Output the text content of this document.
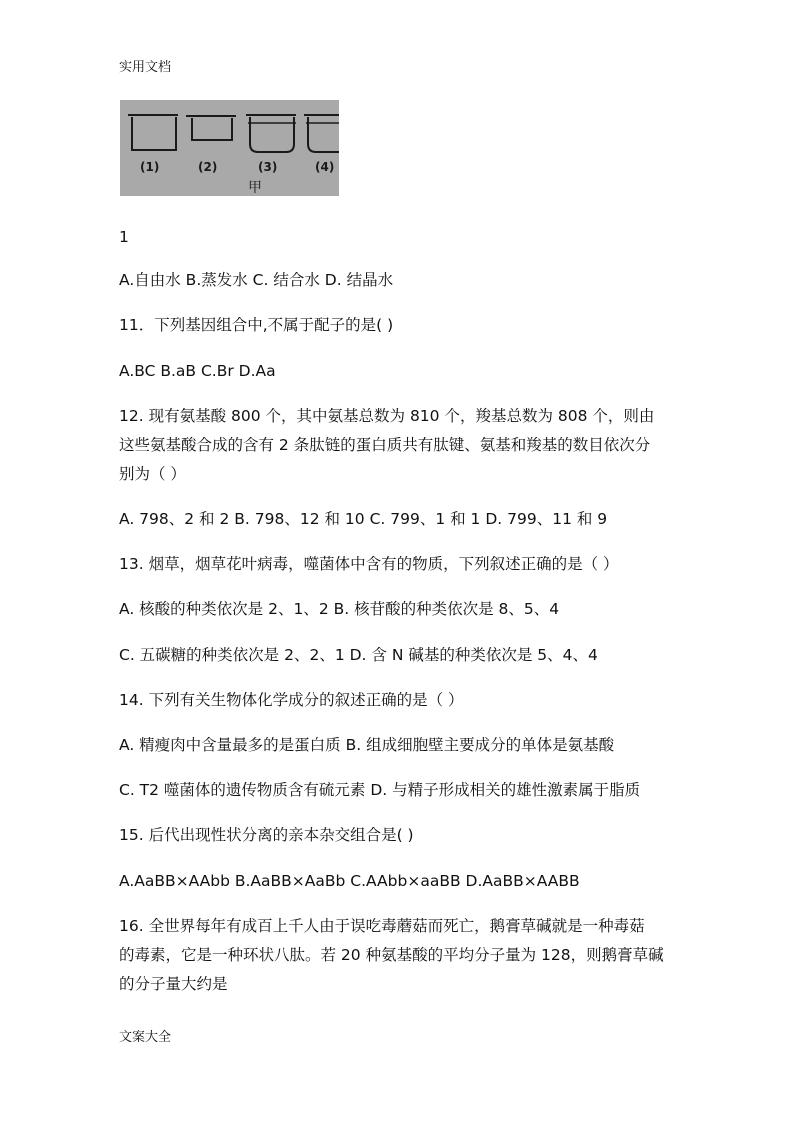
实用文档
(1)	(2)	(3)	(4)
甲
1
A.自由水 B.蒸发水 C. 结合水 D. 结晶水
11．下列基因组合中,不属于配子的是( )
A.BC B.aB C.Br D.Aa
12. 现有氨基酸 800 个，其中氨基总数为 810 个，羧基总数为 808 个，则由
这些氨基酸合成的含有 2 条肽链的蛋白质共有肽键、氨基和羧基的数目依次分
别为（ ）
A. 798、2 和 2 B. 798、12 和 10 C. 799、1 和 1 D. 799、11 和 9
13. 烟草，烟草花叶病毒，噬菌体中含有的物质，下列叙述正确的是（ ）
A. 核酸的种类依次是 2、1、2 B. 核苷酸的种类依次是 8、5、4
C. 五碳糖的种类依次是 2、2、1 D. 含 N 碱基的种类依次是 5、4、4
14. 下列有关生物体化学成分的叙述正确的是（ ）
A. 精瘦肉中含量最多的是蛋白质 B. 组成细胞壁主要成分的单体是氨基酸
C. T2 噬菌体的遗传物质含有硫元素 D. 与精子形成相关的雄性激素属于脂质
15. 后代出现性状分离的亲本杂交组合是( )
A.AaBB×AAbb B.AaBB×AaBb C.AAbb×aaBB D.AaBB×AABB
16. 全世界每年有成百上千人由于误吃毒蘑菇而死亡，鹅膏草碱就是一种毒菇
的毒素，它是一种环状八肽。若 20 种氨基酸的平均分子量为 128，则鹅膏草碱
的分子量大约是
文案大全
